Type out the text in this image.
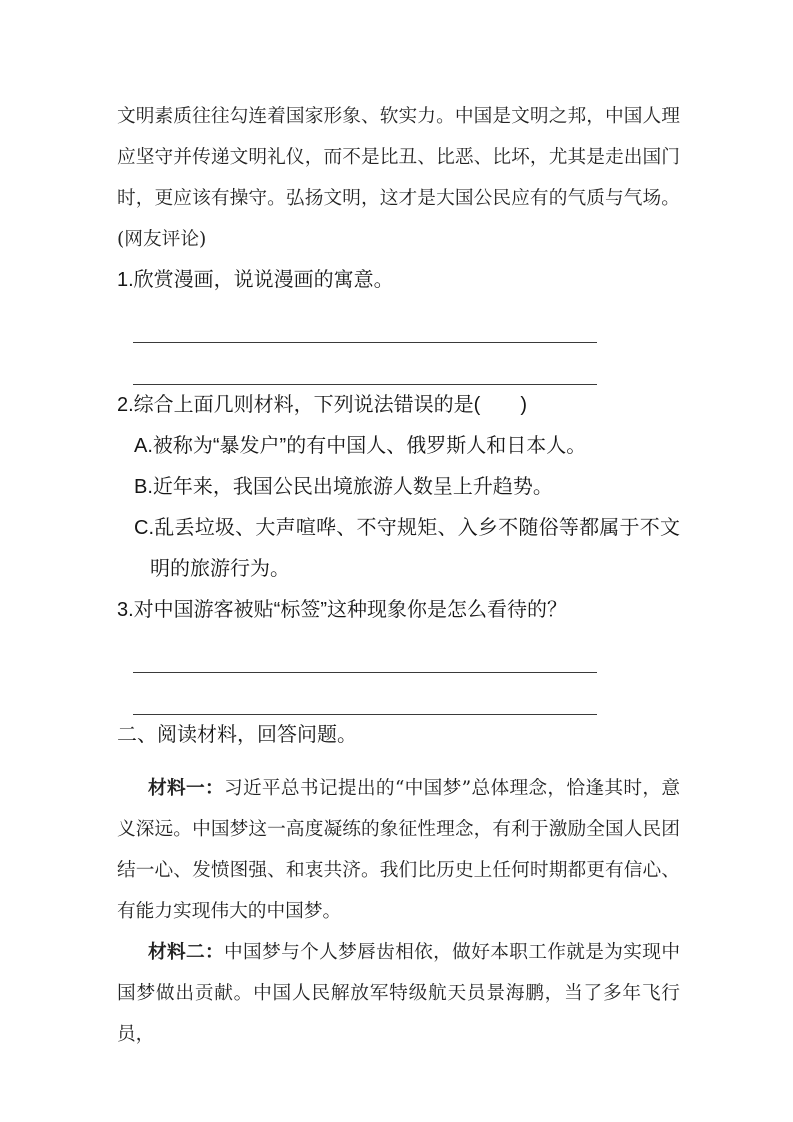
文明素质往往勾连着国家形象、软实力。中国是文明之邦，中国人理应坚守并传递文明礼仪，而不是比丑、比恶、比坏，尤其是走出国门时，更应该有操守。弘扬文明，这才是大国公民应有的气质与气场。(网友评论)

1.欣赏漫画，说说漫画的寓意。

2.综合上面几则材料，下列说法错误的是(　　)

A.被称为“暴发户”的有中国人、俄罗斯人和日本人。

B.近年来，我国公民出境旅游人数呈上升趋势。

C.乱丢垃圾、大声喧哗、不守规矩、入乡不随俗等都属于不文明的旅游行为。

3.对中国游客被贴“标签”这种现象你是怎么看待的？

二、阅读材料，回答问题。

材料一：习近平总书记提出的“中国梦”总体理念，恰逢其时，意义深远。中国梦这一高度凝练的象征性理念，有利于激励全国人民团结一心、发愤图强、和衷共济。我们比历史上任何时期都更有信心、有能力实现伟大的中国梦。

材料二：中国梦与个人梦唇齿相依，做好本职工作就是为实现中国梦做出贡献。中国人民解放军特级航天员景海鹏，当了多年飞行员，
